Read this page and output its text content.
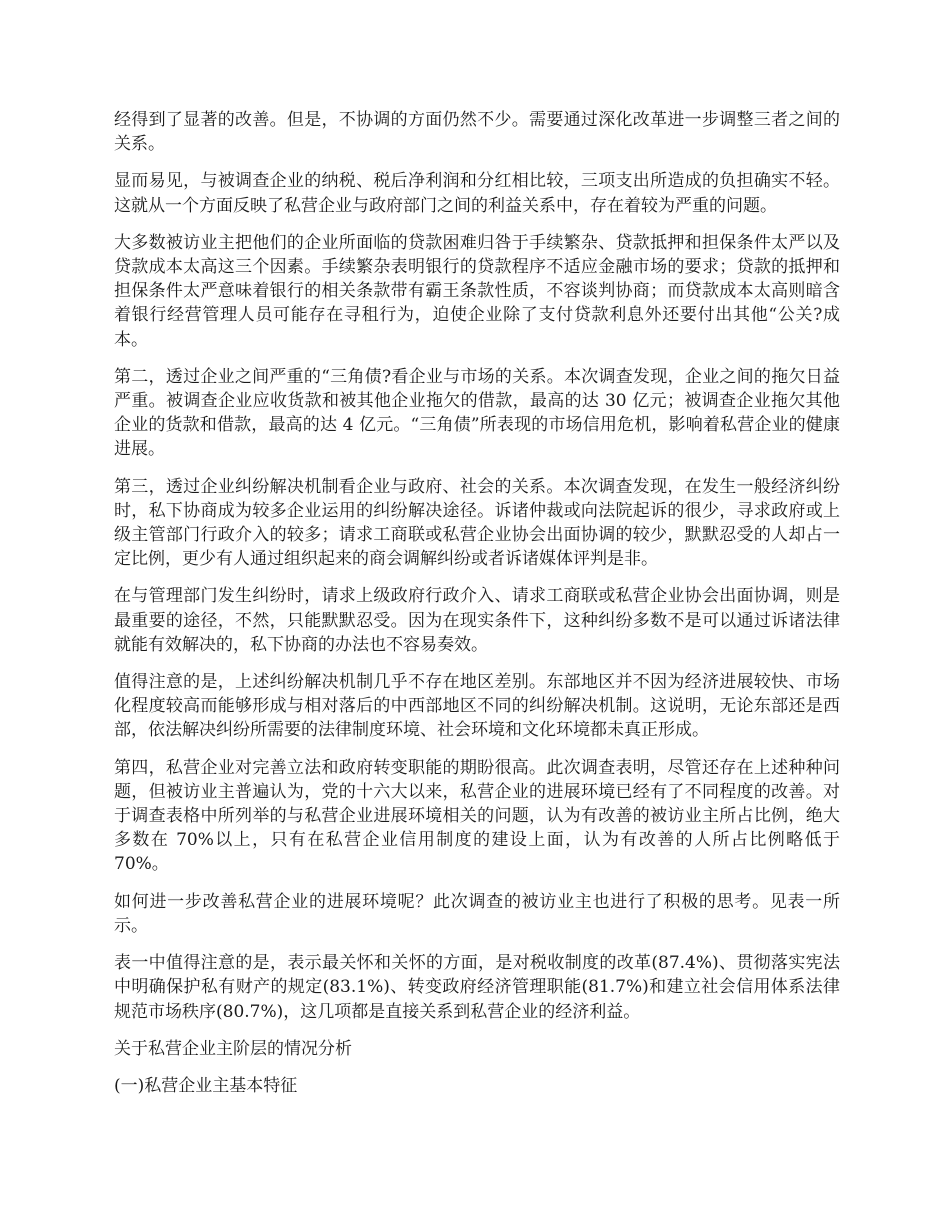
经得到了显著的改善。但是，不协调的方面仍然不少。需要通过深化改革进一步调整三者之间的关系。

显而易见，与被调查企业的纳税、税后净利润和分红相比较，三项支出所造成的负担确实不轻。这就从一个方面反映了私营企业与政府部门之间的利益关系中，存在着较为严重的问题。

大多数被访业主把他们的企业所面临的贷款困难归咎于手续繁杂、贷款抵押和担保条件太严以及贷款成本太高这三个因素。手续繁杂表明银行的贷款程序不适应金融市场的要求；贷款的抵押和担保条件太严意味着银行的相关条款带有霸王条款性质，不容谈判协商；而贷款成本太高则暗含着银行经营管理人员可能存在寻租行为，迫使企业除了支付贷款利息外还要付出其他“公关?成本。

第二，透过企业之间严重的“三角债?看企业与市场的关系。本次调查发现，企业之间的拖欠日益严重。被调查企业应收货款和被其他企业拖欠的借款，最高的达 30 亿元；被调查企业拖欠其他企业的货款和借款，最高的达 4 亿元。“三角债”所表现的市场信用危机，影响着私营企业的健康进展。

第三，透过企业纠纷解决机制看企业与政府、社会的关系。本次调查发现，在发生一般经济纠纷时，私下协商成为较多企业运用的纠纷解决途径。诉诸仲裁或向法院起诉的很少，寻求政府或上级主管部门行政介入的较多；请求工商联或私营企业协会出面协调的较少，默默忍受的人却占一定比例，更少有人通过组织起来的商会调解纠纷或者诉诸媒体评判是非。

在与管理部门发生纠纷时，请求上级政府行政介入、请求工商联或私营企业协会出面协调，则是最重要的途径，不然，只能默默忍受。因为在现实条件下，这种纠纷多数不是可以通过诉诸法律就能有效解决的，私下协商的办法也不容易奏效。

值得注意的是，上述纠纷解决机制几乎不存在地区差别。东部地区并不因为经济进展较快、市场化程度较高而能够形成与相对落后的中西部地区不同的纠纷解决机制。这说明，无论东部还是西部，依法解决纠纷所需要的法律制度环境、社会环境和文化环境都未真正形成。

第四，私营企业对完善立法和政府转变职能的期盼很高。此次调查表明，尽管还存在上述种种问题，但被访业主普遍认为，党的十六大以来，私营企业的进展环境已经有了不同程度的改善。对于调查表格中所列举的与私营企业进展环境相关的问题，认为有改善的被访业主所占比例，绝大多数在 70%以上，只有在私营企业信用制度的建设上面，认为有改善的人所占比例略低于 70%。

如何进一步改善私营企业的进展环境呢？此次调查的被访业主也进行了积极的思考。见表一所示。

表一中值得注意的是，表示最关怀和关怀的方面，是对税收制度的改革(87.4%)、贯彻落实宪法中明确保护私有财产的规定(83.1%)、转变政府经济管理职能(81.7%)和建立社会信用体系法律规范市场秩序(80.7%)，这几项都是直接关系到私营企业的经济利益。

关于私营企业主阶层的情况分析

(一)私营企业主基本特征
